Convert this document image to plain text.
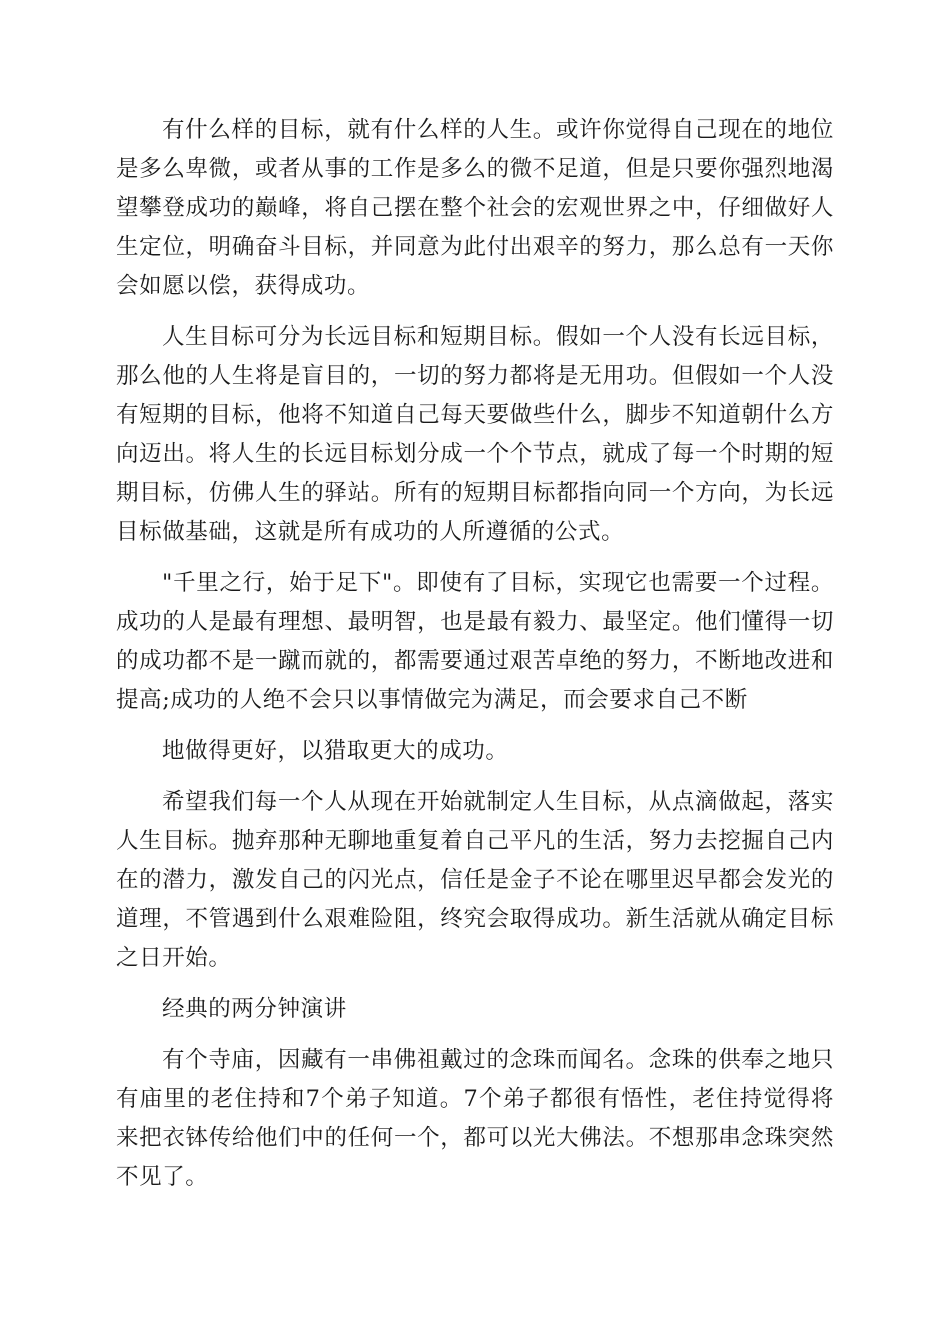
有什么样的目标，就有什么样的人生。或许你觉得自己现在的地位是多么卑微，或者从事的工作是多么的微不足道，但是只要你强烈地渴望攀登成功的巅峰，将自己摆在整个社会的宏观世界之中，仔细做好人生定位，明确奋斗目标，并同意为此付出艰辛的努力，那么总有一天你会如愿以偿，获得成功。

人生目标可分为长远目标和短期目标。假如一个人没有长远目标，那么他的人生将是盲目的，一切的努力都将是无用功。但假如一个人没有短期的目标，他将不知道自己每天要做些什么，脚步不知道朝什么方向迈出。将人生的长远目标划分成一个个节点，就成了每一个时期的短期目标，仿佛人生的驿站。所有的短期目标都指向同一个方向，为长远目标做基础，这就是所有成功的人所遵循的公式。

"千里之行，始于足下"。即使有了目标，实现它也需要一个过程。成功的人是最有理想、最明智，也是最有毅力、最坚定。他们懂得一切的成功都不是一蹴而就的，都需要通过艰苦卓绝的努力，不断地改进和提高;成功的人绝不会只以事情做完为满足，而会要求自己不断

地做得更好，以猎取更大的成功。

希望我们每一个人从现在开始就制定人生目标，从点滴做起，落实人生目标。抛弃那种无聊地重复着自己平凡的生活，努力去挖掘自己内在的潜力，激发自己的闪光点，信任是金子不论在哪里迟早都会发光的道理，不管遇到什么艰难险阻，终究会取得成功。新生活就从确定目标之日开始。

经典的两分钟演讲

有个寺庙，因藏有一串佛祖戴过的念珠而闻名。念珠的供奉之地只有庙里的老住持和7个弟子知道。7个弟子都很有悟性，老住持觉得将来把衣钵传给他们中的任何一个，都可以光大佛法。不想那串念珠突然不见了。
